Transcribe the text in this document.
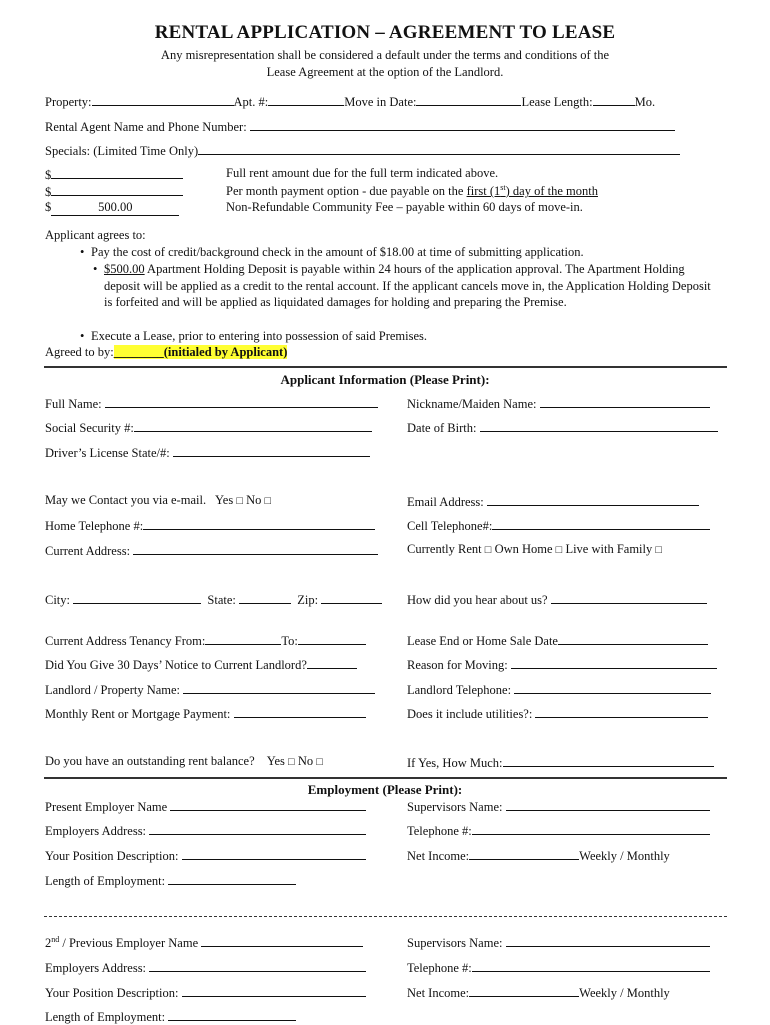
RENTAL APPLICATION – AGREEMENT TO LEASE
Any misrepresentation shall be considered a default under the terms and conditions of the
Lease Agreement at the option of the Landlord.
Property:	Apt. #:	Move in Date:	Lease Length:	Mo.
Rental Agent Name and Phone Number:
Specials: (Limited Time Only)
$	Full rent amount due for the full term indicated above.
$	Per month payment option - due payable on the first (1st) day of the month
$	500.00	Non-Refundable Community Fee – payable within 60 days of move-in.
Applicant agrees to:
• Pay the cost of credit/background check in the amount of $18.00 at time of submitting application.
• $500.00 Apartment Holding Deposit is payable within 24 hours of the application approval. The Apartment Holding deposit will be applied as a credit to the rental account. If the applicant cancels move in, the Application Holding Deposit is forfeited and will be applied as liquidated damages for holding and preparing the Premise.
• Execute a Lease, prior to entering into possession of said Premises.
Agreed to by:________(initialed by Applicant)
Applicant Information (Please Print):
Full Name:	Nickname/Maiden Name:
Social Security #:	Date of Birth:
Driver’s License State/#:
May we Contact you via e-mail. Yes □ No □	Email Address:
Home Telephone #:	Cell Telephone#:
Current Address:	Currently Rent □ Own Home □ Live with Family □
City:	State:	Zip:	How did you hear about us?
Current Address Tenancy From:	To:	Lease End or Home Sale Date
Did You Give 30 Days’ Notice to Current Landlord?	Reason for Moving:
Landlord / Property Name:	Landlord Telephone:
Monthly Rent or Mortgage Payment:	Does it include utilities?:
Do you have an outstanding rent balance? Yes □ No □	If Yes, How Much:
Employment (Please Print):
Present Employer Name	Supervisors Name:
Employers Address:	Telephone #:
Your Position Description:	Net Income:	Weekly / Monthly
Length of Employment:
2nd / Previous Employer Name	Supervisors Name:
Employers Address:	Telephone #:
Your Position Description:	Net Income:	Weekly / Monthly
Length of Employment:
